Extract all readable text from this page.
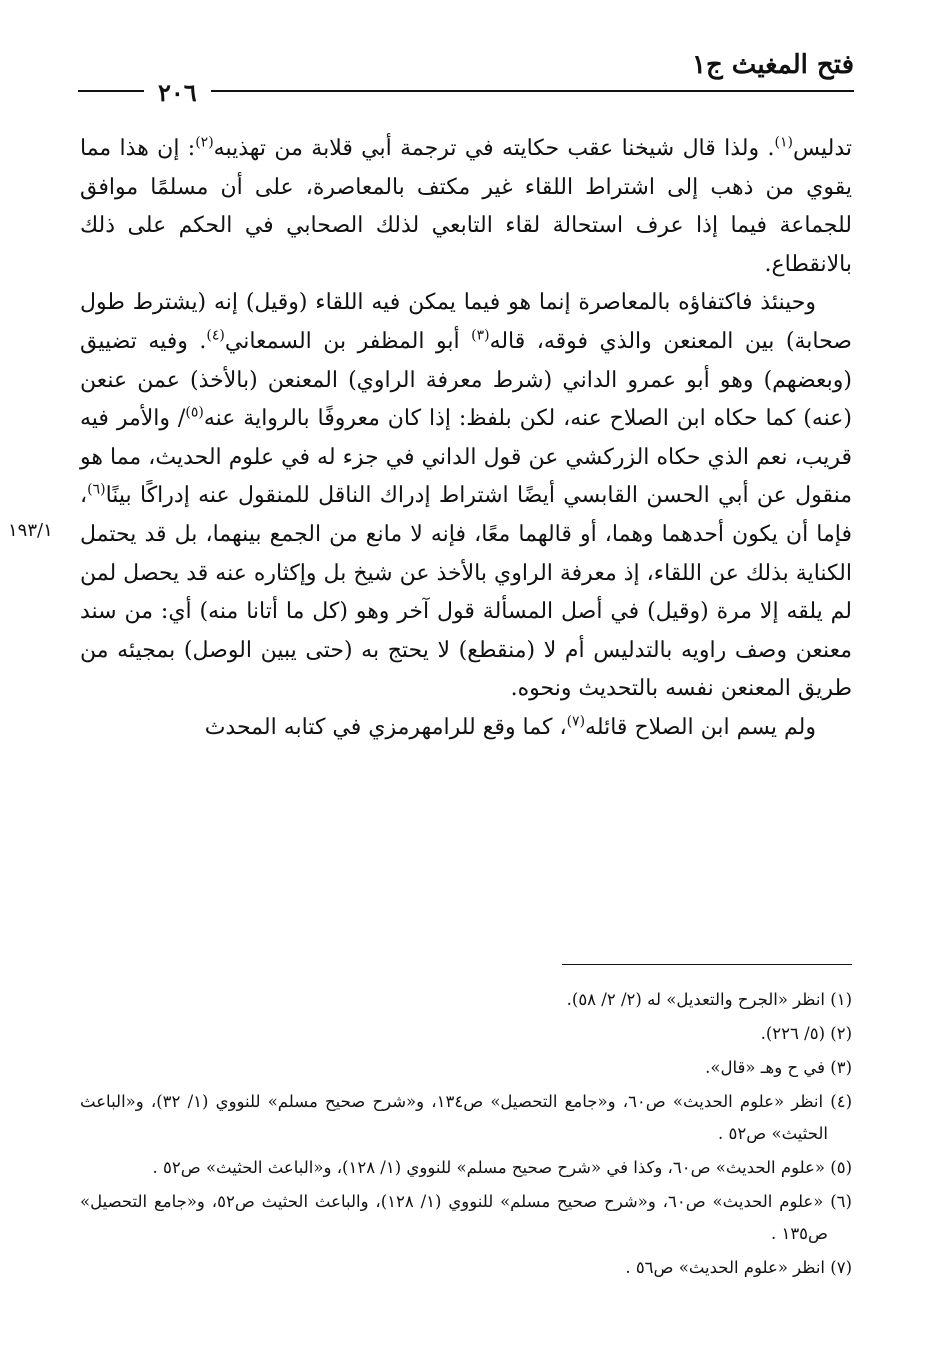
فتح المغيث ج١
٢٠٦
١٩٣/١

تدليس$^{(١)}$. ولذا قال شيخنا عقب حكايته في ترجمة أبي قلابة من تهذيبه$^{(٢)}$: إن هذا مما يقوي من ذهب إلى اشتراط اللقاء غير مكتف بالمعاصرة، على أن مسلمًا موافق للجماعة فيما إذا عرف استحالة لقاء التابعي لذلك الصحابي في الحكم على ذلك بالانقطاع.

وحينئذ فاكتفاؤه بالمعاصرة إنما هو فيما يمكن فيه اللقاء (وقيل) إنه (يشترط طول صحابة) بين المعنعن والذي فوقه، قاله$^{(٣)}$ أبو المظفر بن السمعاني$^{(٤)}$. وفيه تضييق (وبعضهم) وهو أبو عمرو الداني (شرط معرفة الراوي) المعنعن (بالأخذ) عمن عنعن (عنه) كما حكاه ابن الصلاح عنه، لكن بلفظ: إذا كان معروفًا بالرواية عنه$^{(٥)}$/ والأمر فيه قريب، نعم الذي حكاه الزركشي عن قول الداني في جزء له في علوم الحديث، مما هو منقول عن أبي الحسن القابسي أيضًا اشتراط إدراك الناقل للمنقول عنه إدراكًا بينًا$^{(٦)}$، فإما أن يكون أحدهما وهما، أو قالهما معًا، فإنه لا مانع من الجمع بينهما، بل قد يحتمل الكناية بذلك عن اللقاء، إذ معرفة الراوي بالأخذ عن شيخ بل وإكثاره عنه قد يحصل لمن لم يلقه إلا مرة (وقيل) في أصل المسألة قول آخر وهو (كل ما أتانا منه) أي: من سند معنعن وصف راويه بالتدليس أم لا (منقطع) لا يحتج به (حتى يبين الوصل) بمجيئه من طريق المعنعن نفسه بالتحديث ونحوه.

ولم يسم ابن الصلاح قائله$^{(٧)}$، كما وقع للرامهرمزي في كتابه المحدث

(١) انظر «الجرح والتعديل» له (٢/ ٢/ ٥٨).

(٢) (٥/ ٢٢٦).

(٣) في ح وهـ «قال».

(٤) انظر «علوم الحديث» ص٦٠، و«جامع التحصيل» ص١٣٤، و«شرح صحيح مسلم» للنووي (١/ ٣٢)، و«الباعث الحثيث» ص٥٢ .

(٥) «علوم الحديث» ص٦٠، وكذا في «شرح صحيح مسلم» للنووي (١/ ١٢٨)، و«الباعث الحثيث» ص٥٢ .

(٦) «علوم الحديث» ص٦٠، و«شرح صحيح مسلم» للنووي (١/ ١٢٨)، والباعث الحثيث ص٥٢، و«جامع التحصيل» ص١٣٥ .

(٧) انظر «علوم الحديث» ص٥٦ .
